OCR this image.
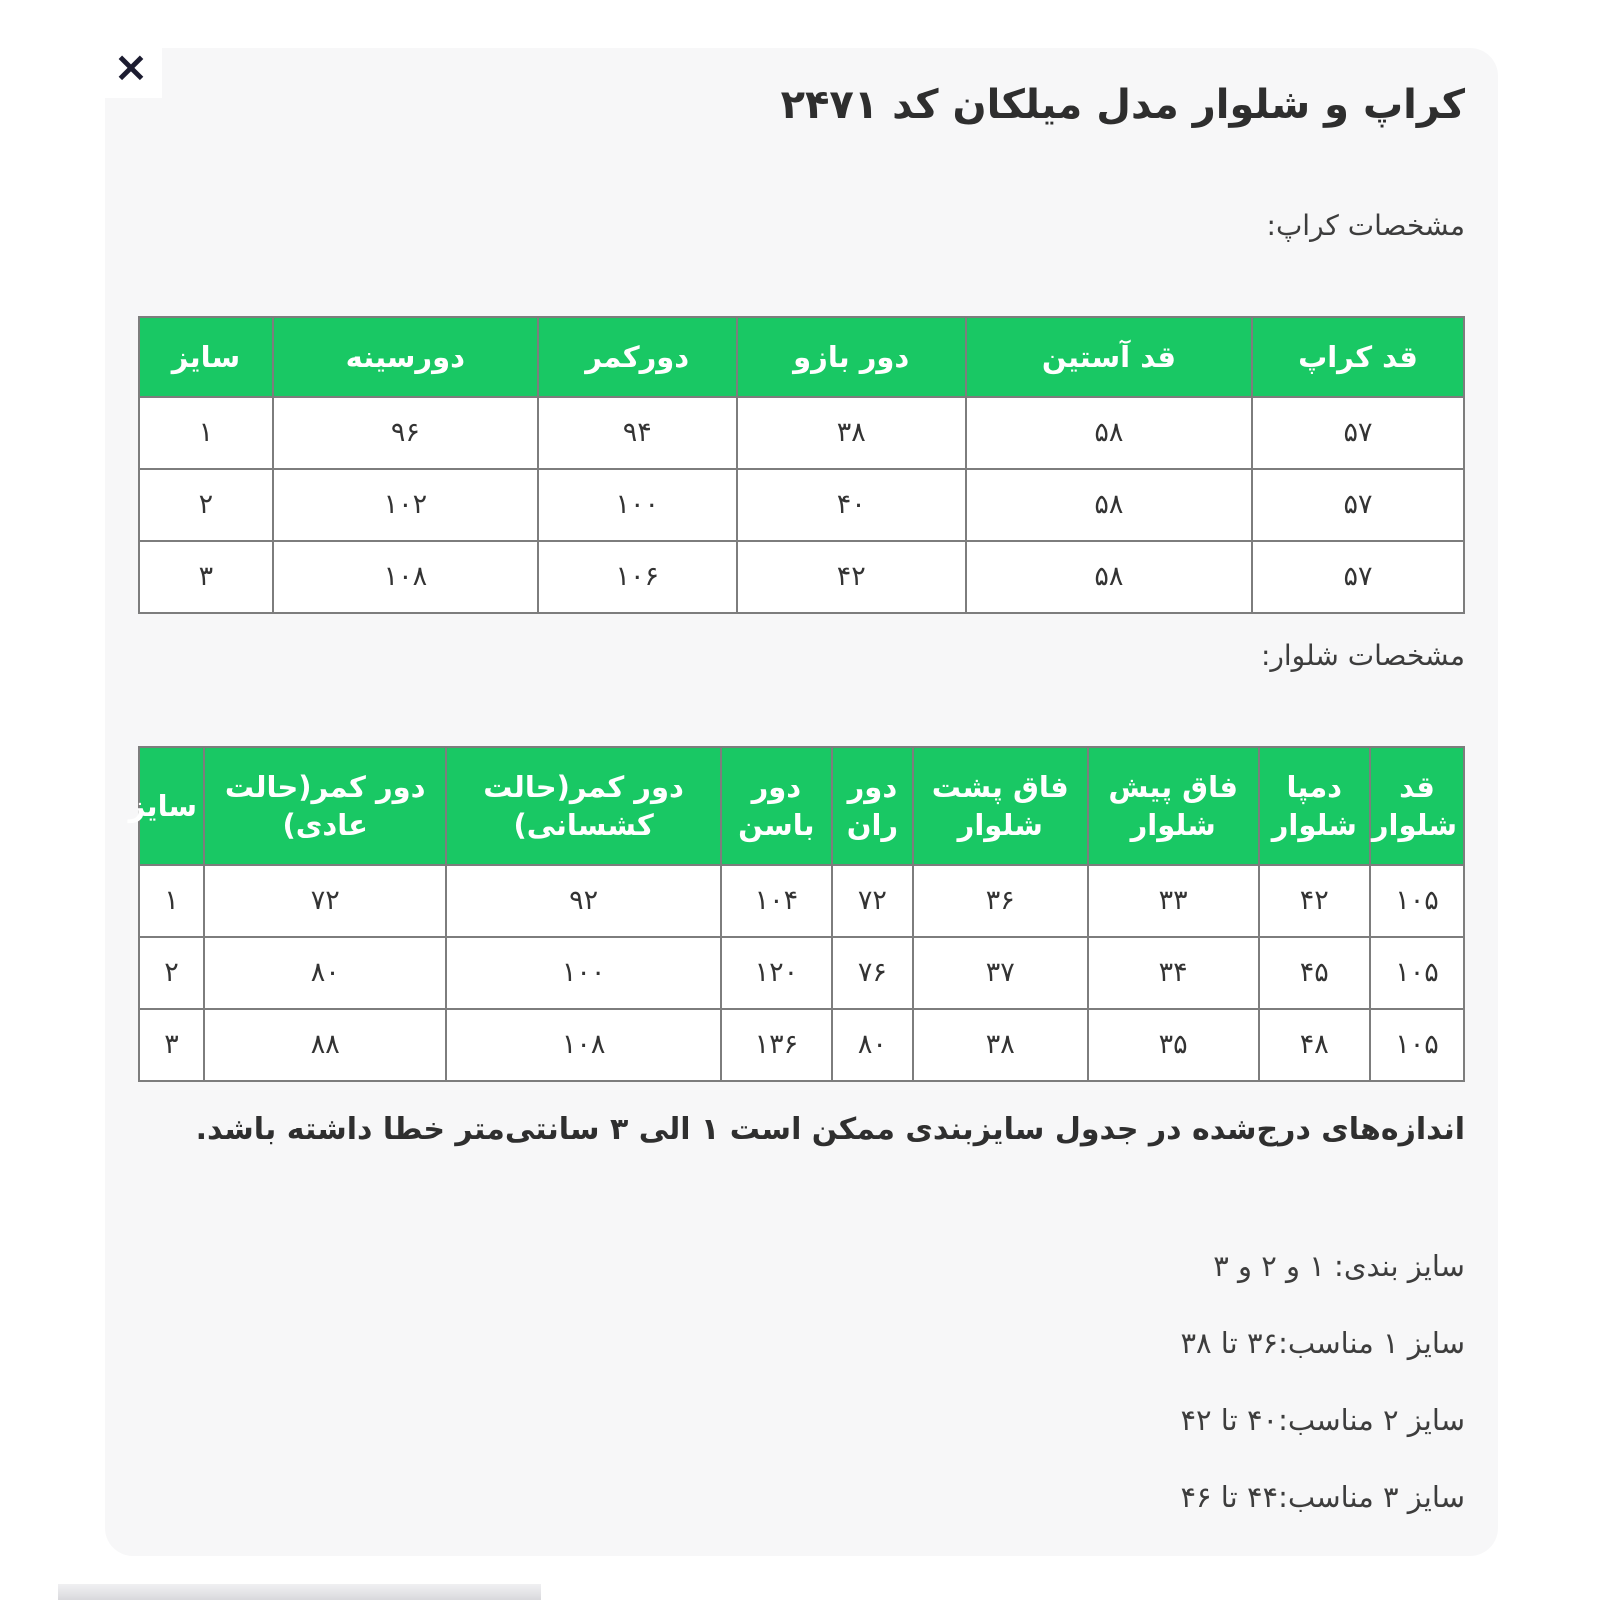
×
کراپ و شلوار مدل میلکان کد ۲۴۷۱

مشخصات کراپ:

قد کراپ	قد آستین	دور بازو	دورکمر	دورسینه	سایز
۵۷	۵۸	۳۸	۹۴	۹۶	۱
۵۷	۵۸	۴۰	۱۰۰	۱۰۲	۲
۵۷	۵۸	۴۲	۱۰۶	۱۰۸	۳

مشخصات شلوار:

قد شلوار	دمپا شلوار	فاق پیش شلوار	فاق پشت شلوار	دور ران	دور باسن	دور کمر(حالت کشسانی)	دور کمر(حالت عادی)	سایز
۱۰۵	۴۲	۳۳	۳۶	۷۲	۱۰۴	۹۲	۷۲	۱
۱۰۵	۴۵	۳۴	۳۷	۷۶	۱۲۰	۱۰۰	۸۰	۲
۱۰۵	۴۸	۳۵	۳۸	۸۰	۱۳۶	۱۰۸	۸۸	۳

اندازه‌های درج‌شده در جدول سایزبندی ممکن است ۱ الی ۳ سانتی‌متر خطا داشته باشد.

سایز بندی: ۱ و ۲ و ۳

سایز ۱ مناسب:۳۶ تا ۳۸

سایز ۲ مناسب:۴۰ تا ۴۲

سایز ۳ مناسب:۴۴ تا ۴۶
